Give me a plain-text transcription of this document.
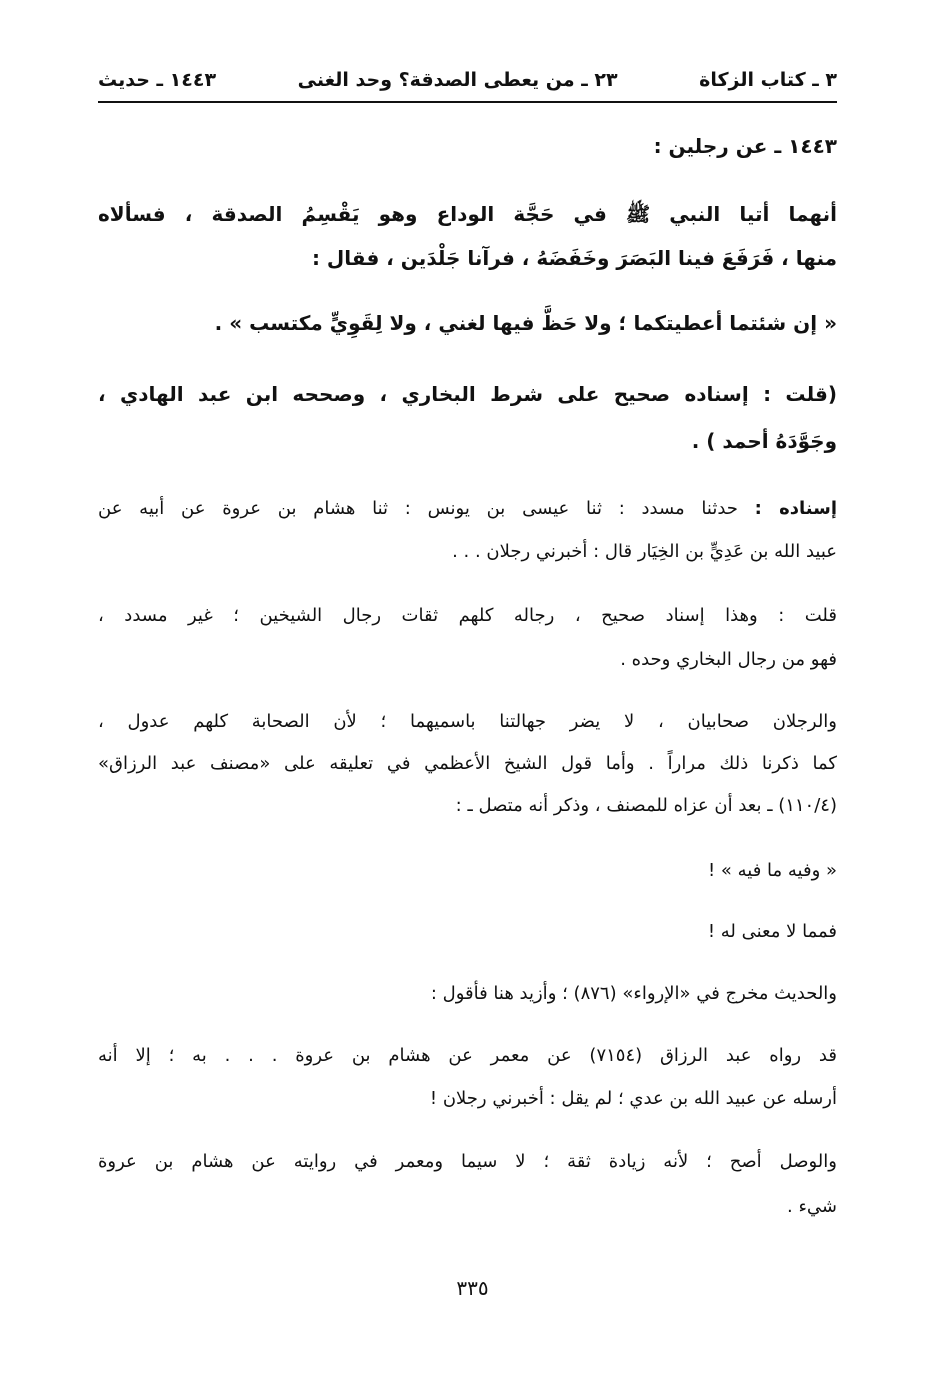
٣ ـ كتاب الزكاة
٢٣ ـ من يعطى الصدقة؟ وحد الغنى
١٤٤٣ ـ حديث
١٤٤٣ ـ عن رجلين :
أنهما أتيا النبي ﷺ في حَجَّة الوداع وهو يَقْسِمُ الصدقة ، فسألاه
منها ، فَرَفَعَ فينا البَصَرَ وخَفَضَهُ ، فرآنا جَلْدَين ، فقال :
« إن شئتما أعطيتكما ؛ ولا حَظَّ فيها لغني ، ولا لِقَوِيٍّ مكتسب » .
(قلت : إسناده صحيح على شرط البخاري ، وصححه ابن عبد الهادي ،
وجَوَّدَهُ أحمد ) .
إسناده : حدثنا مسدد : ثنا عيسى بن يونس : ثنا هشام بن عروة عن أبيه عن
عبيد الله بن عَدِيٍّ بن الخِيَار قال : أخبرني رجلان . . .
قلت : وهذا إسناد صحيح ، رجاله كلهم ثقات رجال الشيخين ؛ غير مسدد ،
فهو من رجال البخاري وحده .
والرجلان صحابيان ، لا يضر جهالتنا باسميهما ؛ لأن الصحابة كلهم عدول ،
كما ذكرنا ذلك مراراً . وأما قول الشيخ الأعظمي في تعليقه على «مصنف عبد الرزاق»
(١١٠/٤) ـ بعد أن عزاه للمصنف ، وذكر أنه متصل ـ :
« وفيه ما فيه » !
فمما لا معنى له !
والحديث مخرج في «الإرواء» (٨٧٦) ؛ وأزيد هنا فأقول :
قد رواه عبد الرزاق (٧١٥٤) عن معمر عن هشام بن عروة . . . به ؛ إلا أنه
أرسله عن عبيد الله بن عدي ؛ لم يقل : أخبرني رجلان !
والوصل أصح ؛ لأنه زيادة ثقة ؛ لا سيما ومعمر في روايته عن هشام بن عروة
شيء .
٣٣٥
